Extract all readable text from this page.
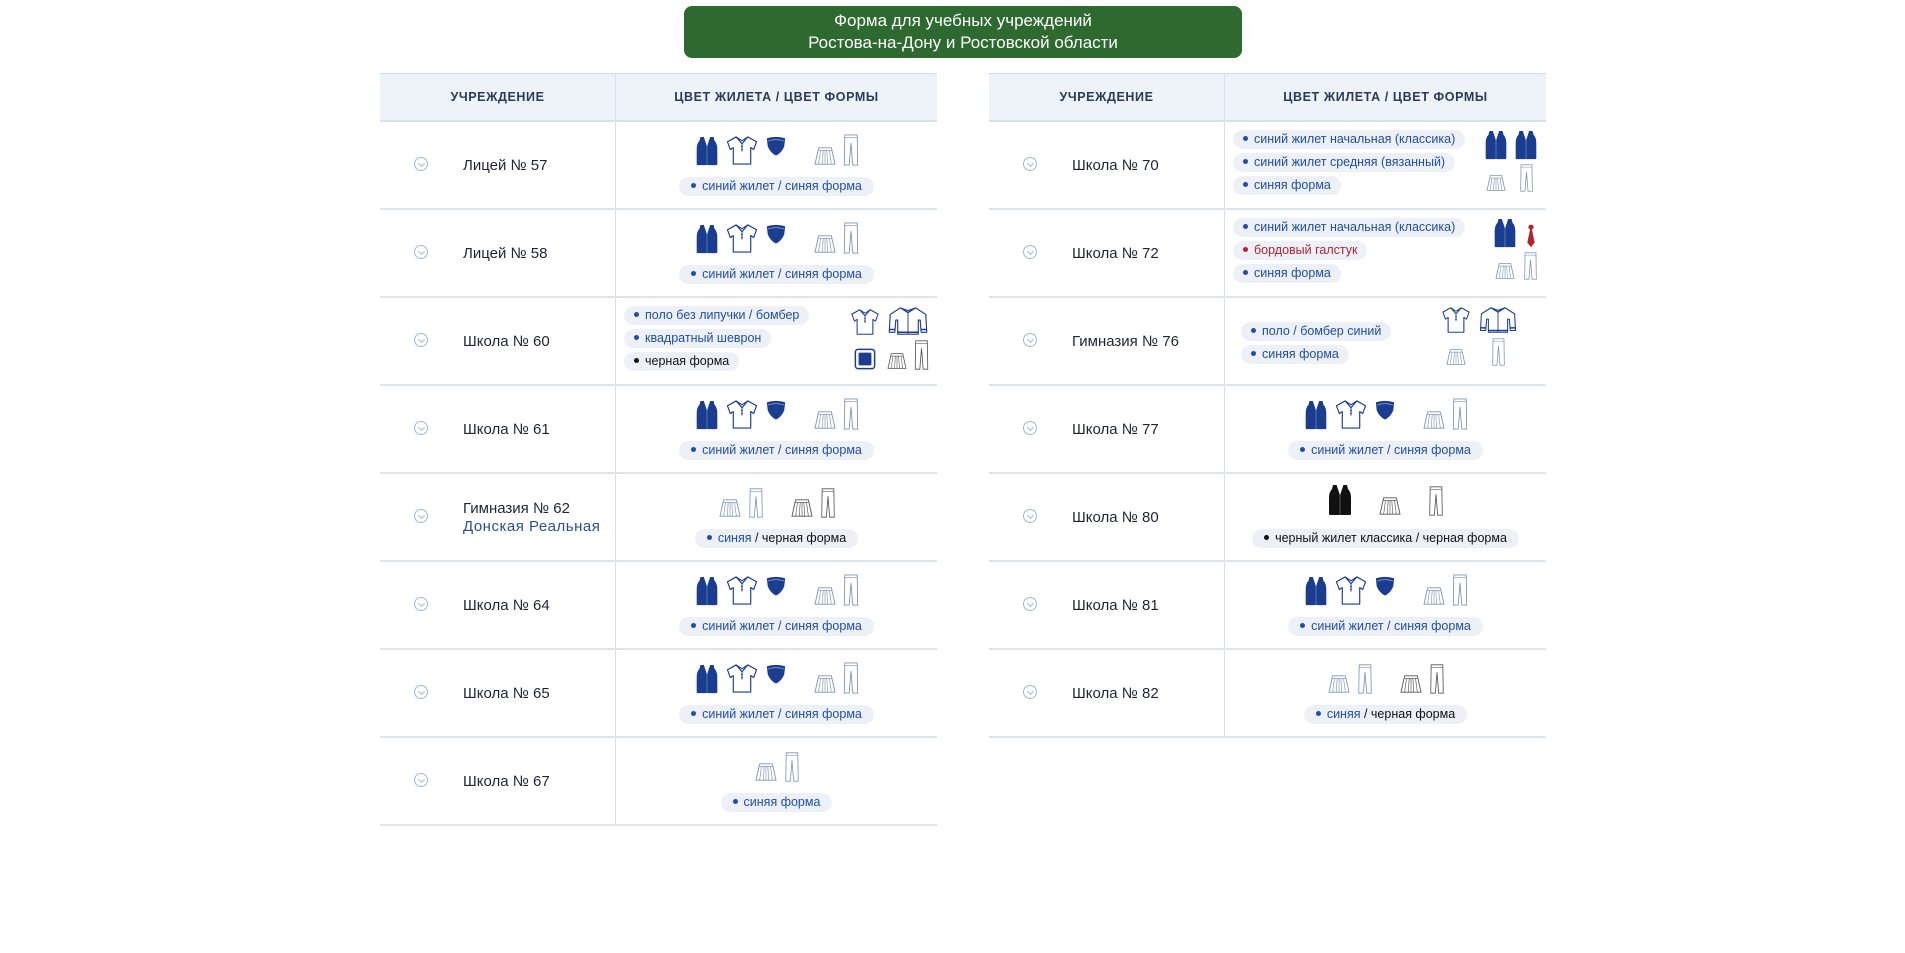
Форма для учебных учреждений
Ростова-на-Дону и Ростовской области
УЧРЕЖДЕНИЕ	ЦВЕТ ЖИЛЕТА / ЦВЕТ ФОРМЫ
Лицей № 57
синий жилет / синяя форма
Лицей № 58
синий жилет / синяя форма
Школа № 60
поло без липучки / бомбер
квадратный шеврон
черная форма
Школа № 61
синий жилет / синяя форма
Гимназия № 62
Донская Реальная
синяя / черная форма
Школа № 64
синий жилет / синяя форма
Школа № 65
синий жилет / синяя форма
Школа № 67
синяя форма
УЧРЕЖДЕНИЕ	ЦВЕТ ЖИЛЕТА / ЦВЕТ ФОРМЫ
Школа № 70
синий жилет начальная (классика)
синий жилет средняя (вязанный)
синяя форма
Школа № 72
синий жилет начальная (классика)
бордовый галстук
синяя форма
Гимназия № 76
поло / бомбер синий
синяя форма
Школа № 77
синий жилет / синяя форма
Школа № 80
черный жилет классика / черная форма
Школа № 81
синий жилет / синяя форма
Школа № 82
синяя / черная форма
